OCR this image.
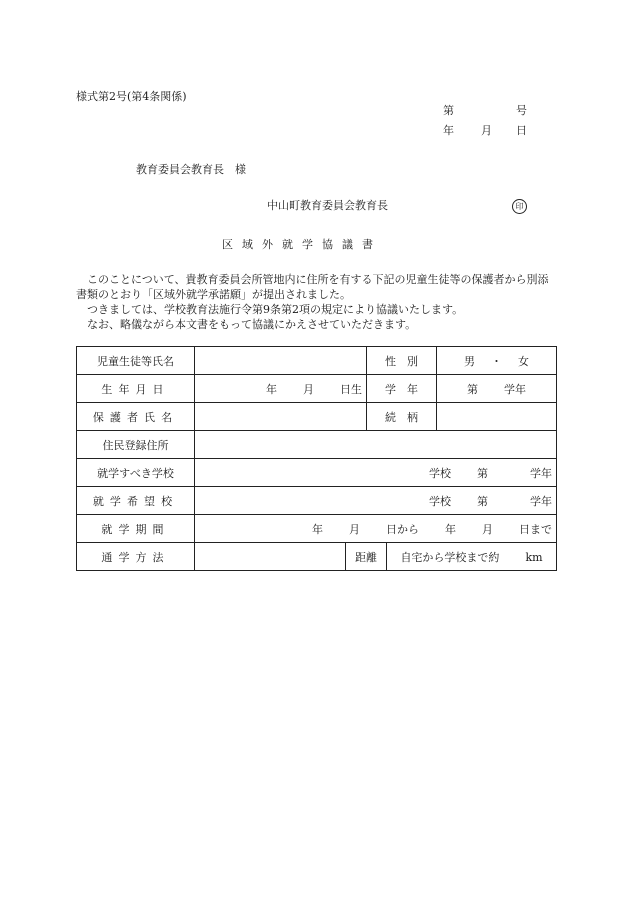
様式第2号(第4条関係)
第	号
年 月 日
教育委員会教育長　様
中山町教育委員会教育長	印
区 域 外 就 学 協 議 書

このことについて、貴教育委員会所管地内に住所を有する下記の児童生徒等の保護者から別添書類のとおり「区域外就学承諾願」が提出されました。

つきましては、学校教育法施行令第9条第2項の規定により協議いたします。

なお、略儀ながら本文書をもって協議にかえさせていただきます。

児童生徒等氏名			性　別		男 ・ 女
生年月日	年 月 日生		学　年		第 学年
保護者氏名			続　柄		
住民登録住所					
就学すべき学校	学校 第 学年				
就学希望校	学校 第 学年				
就学期間	年 月 日から 年 月 日まで				
通学方法		距離		自宅から学校まで約 km	
